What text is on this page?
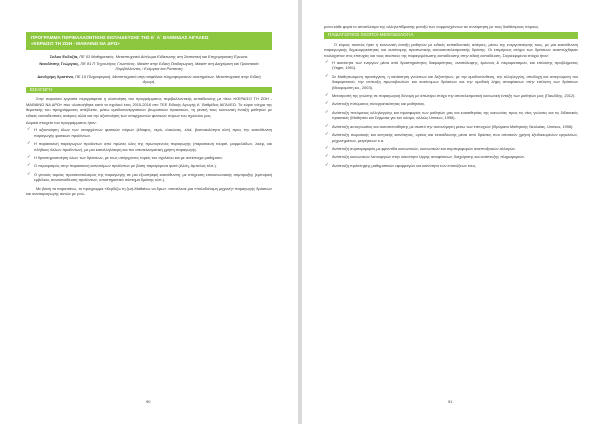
ΠΡΟΓΡΑΜΜΑ ΠΕΡΙΒΑΛΛΟΝΤΙΚΗΣ ΕΚΠΑΙΔΕΥΣΗΣ ΤΗΣ Ε΄ Α΄ ΒΑΘΜΙΔΑΣ ΑΙΓΑΛΕΩ
«ΚΕΡΔΙΣΟ ΤΗ ΖΩΗ - ΜΑΘΑΙΝΩ ΝΑ ΔΡΩ»
Σολου Ευδοξία, ΠΕ 03 Μαθηματικός. Μεταπτυχιακό Δίπλωμα Ειδίκευσης στη Στατιστική και Επιχειρησιακή Έρευνα.
Νικολίτσης Γεώργιος, ΠΕ 81 Π Τεχνολόγος Γεωπόνος. Master στην Ειδική Παιδαγωγική, Master στη Διαχείριση και Προστασία Περιβάλλοντος / Ενέργεια και Ρύπανση
Δουλγέρη Χριστίνα, ΠΕ 19 Πληροφορική. Μεταπτυχιακό στην ασφάλεια πληροφοριακών συστημάτων, Μεταπτυχιακό στην Ειδική Αγωγή.
ΕΙΣΑΓΩΓΗ

Στην παρούσα εργασία περιγράφεται η υλοποίηση του προγράμματος περιβαλλοντικής εκπαίδευσης με τίτλο «ΚΕΡΔΙΣΟ ΤΗ ΖΩΗ - ΜΑΘΑΙΝΩ ΝΑ ΔΡΩ» που υλοποιήθηκε κατά το σχολικό έτος 2015-2016 στο ΤΕΕ Ειδικής Αγωγής Α΄ Βαθμίδας ΑΙΓΑΛΕΩ. Το κύριο νόημα της θεματικής του προγράμματος απέβλεπε, μέσω ομαδοσυνεργατικών βιωματικών πρακτικών, τη γενική τους κοινωνική ένταξη μαθητών με ειδικές εκπαιδευτικές ανάγκες αλλά και την αξιοποίηση των υπαρχουσών φυσικών πόρων του σχολείου μας.

Δομικά στοιχεία του προγράμματος ήταν:

✓ Η αξιοποίηση όλων των υπαρχόντων φυσικών πόρων (έδαφος, νερό, ελαιώνας, ελιά, βιοποικιλότητα κλπ) προς την κατεύθυνση παραγωγής φυσικών προϊόντων.
✓ Η παρασκευή παράγωγων προϊόντων από πρώτες ύλες της πρωτογενούς παραγωγής (παρασκευή τουρσί, μαρμελάδων, λικέρ, και πλήθους άλλων προϊόντων), με μια καταλληλότερη και πιο αποτελεσματική χρήση παραγωγής.
✓ Η δραστηριοποίηση όλων των δράσεων, με τους υπάρχοντες τομείς του σχολείου και με αντίστοιχα μαθήματα.
✓ Ο περιορισμός στην παρασκευή καινοτόμων προϊόντων με βάση παραγόμενα φυτά (Αλόη, Αμπέλος κλπ.).
✓ Ο γενικός τομέας προσανατολισμός της παραγωγής σε μια εξωστρεφή κατεύθυνση, με στόχευση επικοινωνιακής σύμπραξης (εμπορική εμβέλεια, συνεκπαίδευση προϊόντων, υποστηρικτικό σύστημα δράσης κλπ.).

Με βάση τα παραπάνω, το πρόγραμμα «Κερδίζω τη ζωή-Μαθαίνω να δρω», αποτέλεσε μια «πολυδύναμη μηχανή» παραγωγής δράσεων και αναπαραγωγής αυτών με γνώ-

90

μονα κάθε φορά το αποτέλεσμα της αλληλεπίδρασης μεταξύ των συμμετεχόντων σε συνάρτηση με τους διαθέσιμους πόρους.

ΠΑΙΔΑΓΩΓΙΚΟΙ ΣΚΟΠΟΙ-ΜΕΘΟΔΟΛΟΓΙΑ

Ο κύριος σκοπός ήταν η κοινωνική ένταξη μαθητών με ειδικές εκπαιδευτικές ανάγκες, μέσω της ενεργοποίησης τους, με μια κατεύθυνση παραγωγικής δημιουργικότητας και αυτόνομης προσωπικής αυτοαποτελεσματικής δράσης. Οι επιμέρους στόχοι των δράσεων αναπτύχθηκαν τουλάχιστον στις επιτυχίες και τους σκοπούς της παραγεμάτωσης εκπαίδευσης στην ειδική εκπαίδευση. Συγκεκριμένοι στόχοι ήταν:

✓ Η ικανότητα των ενεργών μέσα από δραστηριότητες διαφορέτητας, αναπάλυψης, έρευνας & πειραματισμού, και επίλυσης προβλήματος (Yager, 1991).
✓ Σε Μαθητευόμενη προσέγγιση, η κατάκτηση γνώσεων και δεξιοτήτων, με την ομαδοσύνθεση, την αλληλεγγύη, αποδοχή και αναγνώριση του διαφορετικού, την επίτευξη πρωτοβουλιών και αυτόνομων δράσεων και την ομαδική λήψη αποφάσεων στην επίλυση των δράσεων (Μαυρομάτη κα., 2003).
✓ Μετατροπή της γνώσης σε παραγωγική δύναμη με απώτερο στόχο την αποτελεσματική κοινωνική ένταξη των μαθητών μας (Παυλίδης, 2012).
✓ Ανάπτυξη πνεύματος συνεργατικότητας και μαθητείας.
✓ Ανάπτυξη πνεύματος αλληλεγγύης και προσφοράς των μαθητών μας και ευαισθησίας της κοινωνίας προς τις νέες γνώσεις και τις διδακτικές πρακτικές (Μαθητεία και Σέρματα για τον κόσμο, αλλιώς Unesco, 1996).
✓ Ανάπτυξη αυτογνωσίας και αυτοπεποίθησης με σκοπό την αυτονόμηση μέσω των επιτυχιών (Ιδρύματα Μαθητικής Νεολαίας, Unesco, 1996).
✓ Ανάπτυξη σωματικής και κινητικής ικανότητας, υγείας και εκπαίδευσης μέσα από δράσεις που απαιτούν χρήση εξειδικευμένων εργαλείων, μηχανημάτων, μετρήσεων κ.α.
✓ Ανάπτυξη συμπεριφοράς με φροντίδα κοινωνικών, κοινωνικών και συμπεριφορών αναπτυξιακών αλλαγών.
✓ Ανάπτυξη κοινωνικών λειτουργιών στην ικανότητα λήψης αποφάσεων, διαχείρισης και ανάπτυξης πληροφοριών.
✓ Ανάπτυξη πρόσληψης μαθηματικών εφαρμογών και ικανότητα των επιτεύξεων τους.
91
